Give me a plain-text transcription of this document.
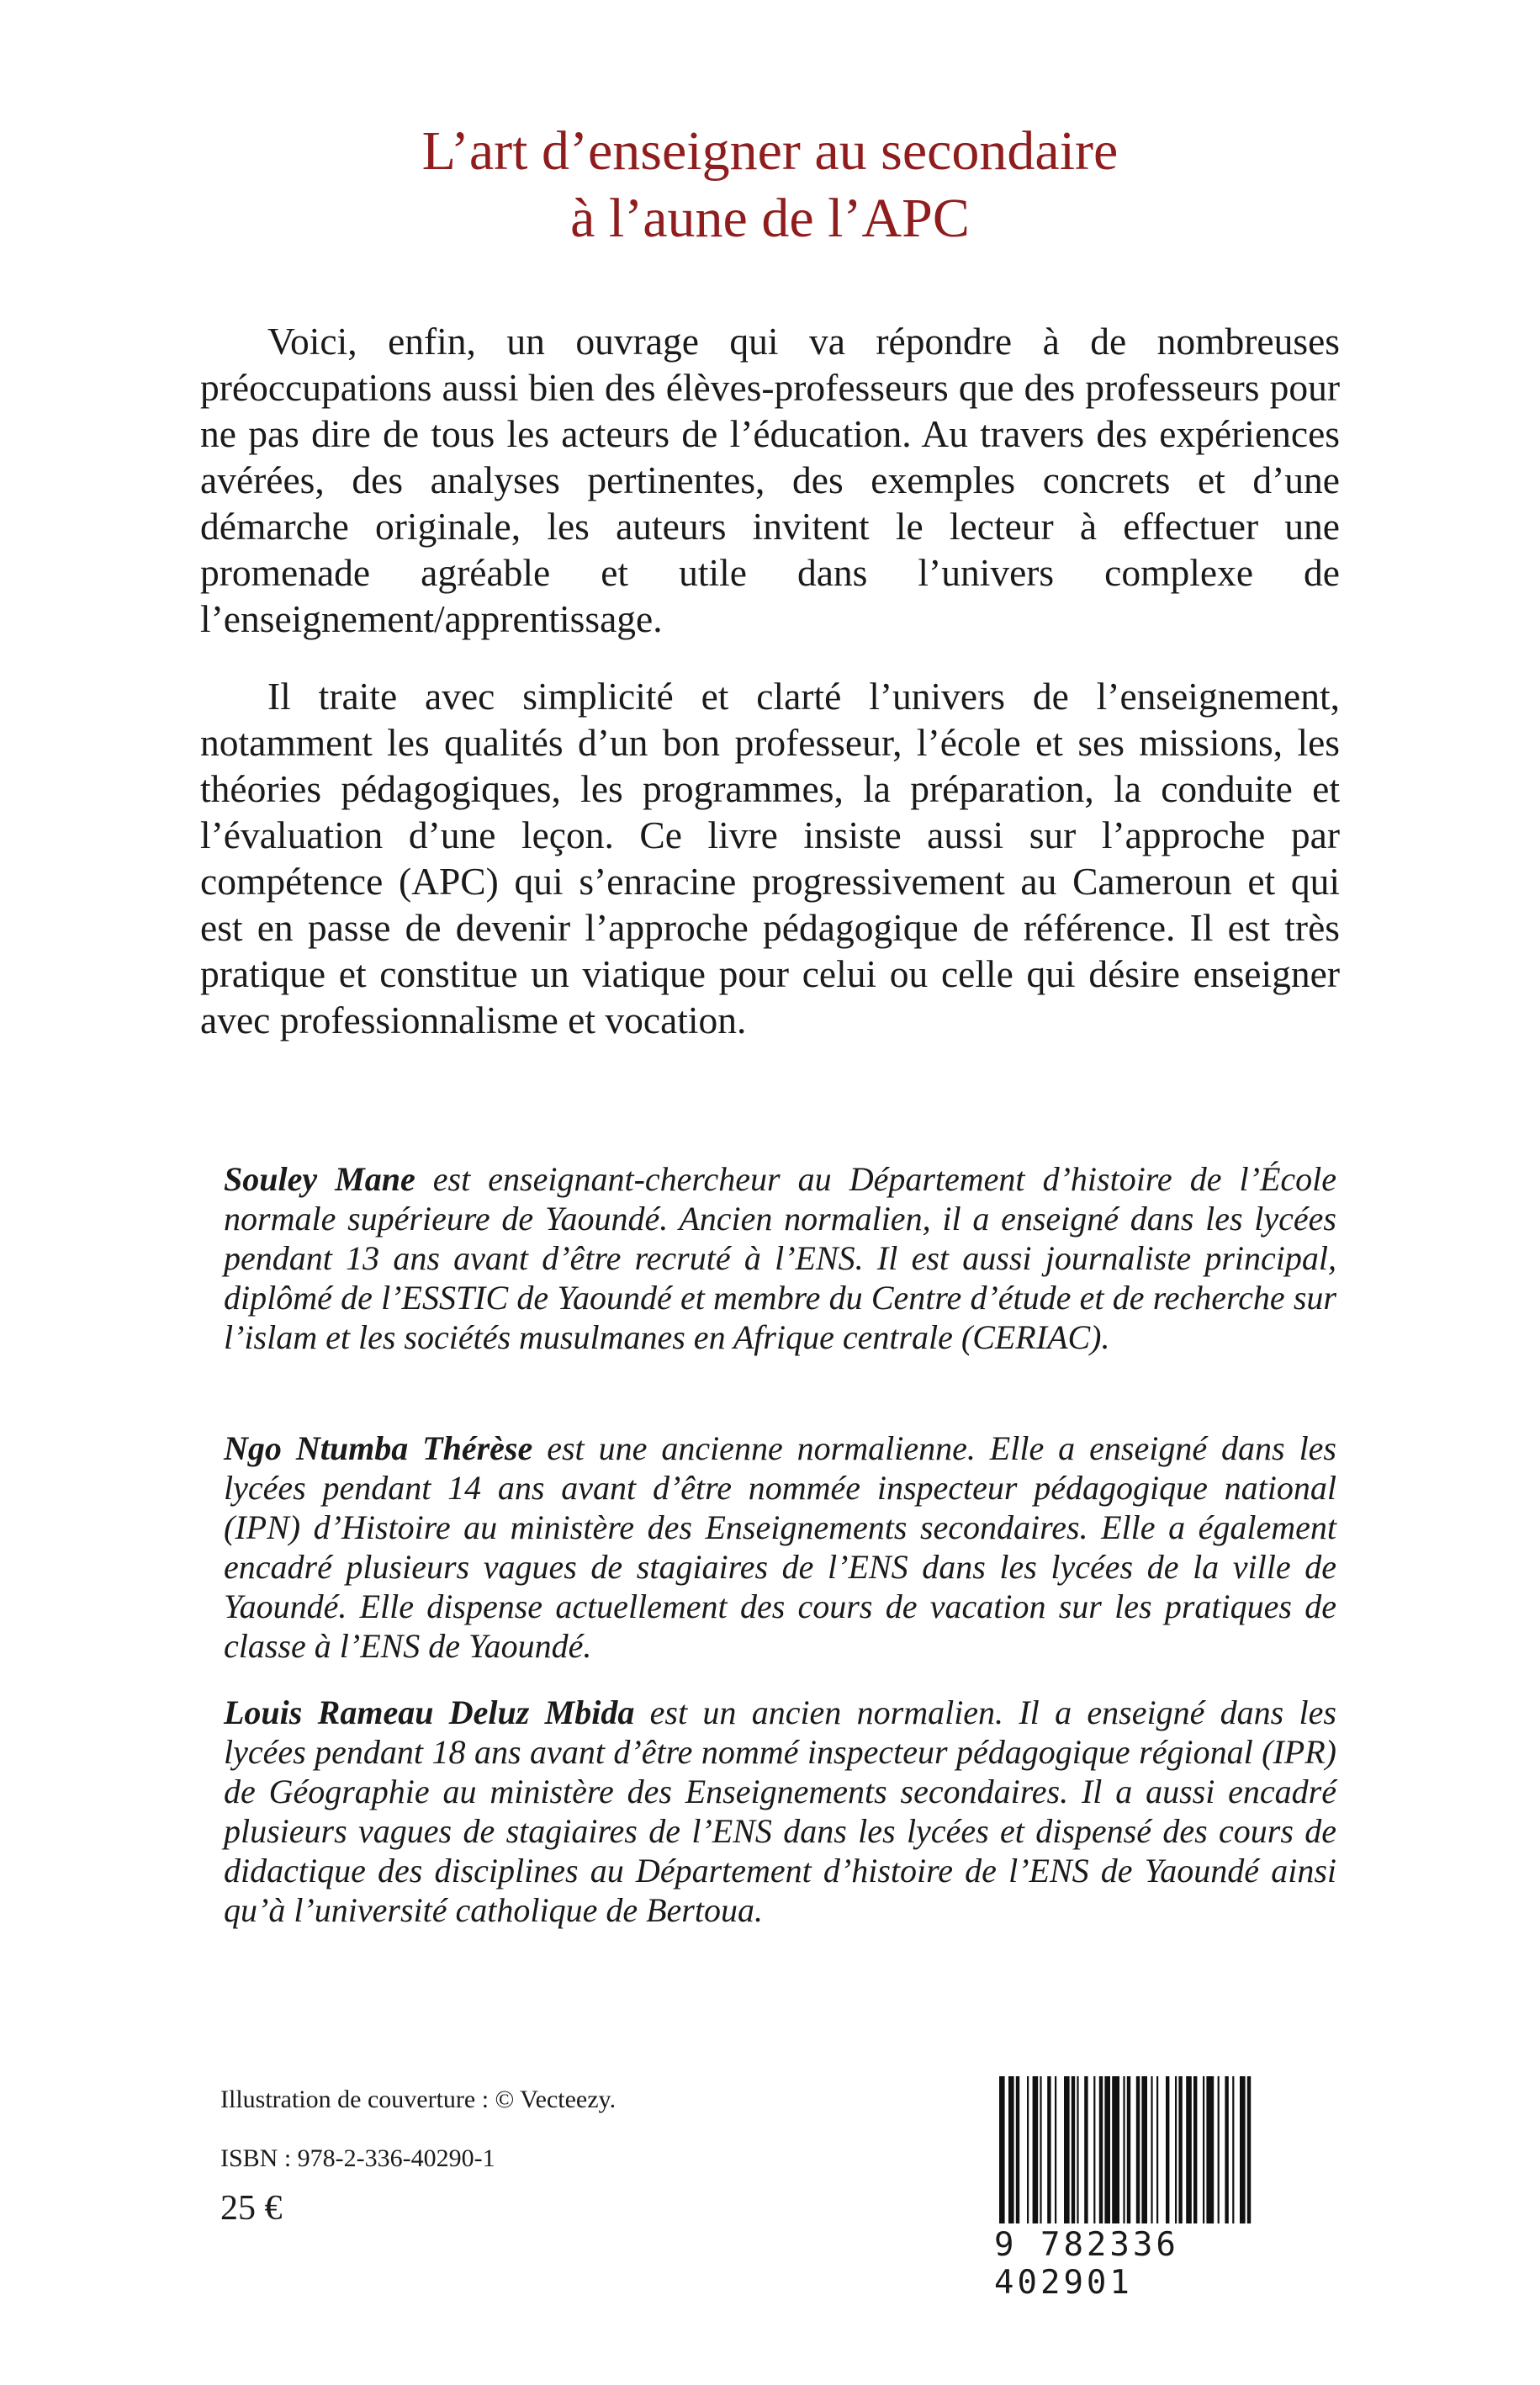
L’art d’enseigner au secondaire
à l’aune de l’APC

Voici, enfin, un ouvrage qui va répondre à de nombreuses préoccupations aussi bien des élèves-professeurs que des professeurs pour ne pas dire de tous les acteurs de l’éducation. Au travers des expériences avérées, des analyses pertinentes, des exemples concrets et d’une démarche originale, les auteurs invitent le lecteur à effectuer une promenade agréable et utile dans l’univers complexe de l’enseignement/apprentissage.

Il traite avec simplicité et clarté l’univers de l’enseignement, notamment les qualités d’un bon professeur, l’école et ses missions, les théories pédagogiques, les programmes, la préparation, la conduite et l’évaluation d’une leçon. Ce livre insiste aussi sur l’approche par compétence (APC) qui s’enracine progressivement au Cameroun et qui est en passe de devenir l’approche pédagogique de référence. Il est très pratique et constitue un viatique pour celui ou celle qui désire enseigner avec professionnalisme et vocation.

Souley Mane est enseignant-chercheur au Département d’histoire de l’École normale supérieure de Yaoundé. Ancien normalien, il a enseigné dans les lycées pendant 13 ans avant d’être recruté à l’ENS. Il est aussi journaliste principal, diplômé de l’ESSTIC de Yaoundé et membre du Centre d’étude et de recherche sur l’islam et les sociétés musulmanes en Afrique centrale (CERIAC).

Ngo Ntumba Thérèse est une ancienne normalienne. Elle a enseigné dans les lycées pendant 14 ans avant d’être nommée inspecteur pédagogique national (IPN) d’Histoire au ministère des Enseignements secondaires. Elle a également encadré plusieurs vagues de stagiaires de l’ENS dans les lycées de la ville de Yaoundé. Elle dispense actuellement des cours de vacation sur les pratiques de classe à l’ENS de Yaoundé.

Louis Rameau Deluz Mbida est un ancien normalien. Il a enseigné dans les lycées pendant 18 ans avant d’être nommé inspecteur pédagogique régional (IPR) de Géographie au ministère des Enseignements secondaires. Il a aussi encadré plusieurs vagues de stagiaires de l’ENS dans les lycées et dispensé des cours de didactique des disciplines au Département d’histoire de l’ENS de Yaoundé ainsi qu’à l’université catholique de Bertoua.

Illustration de couverture : © Vecteezy.
ISBN : 978-2-336-40290-1
25 €
9 782336 402901
